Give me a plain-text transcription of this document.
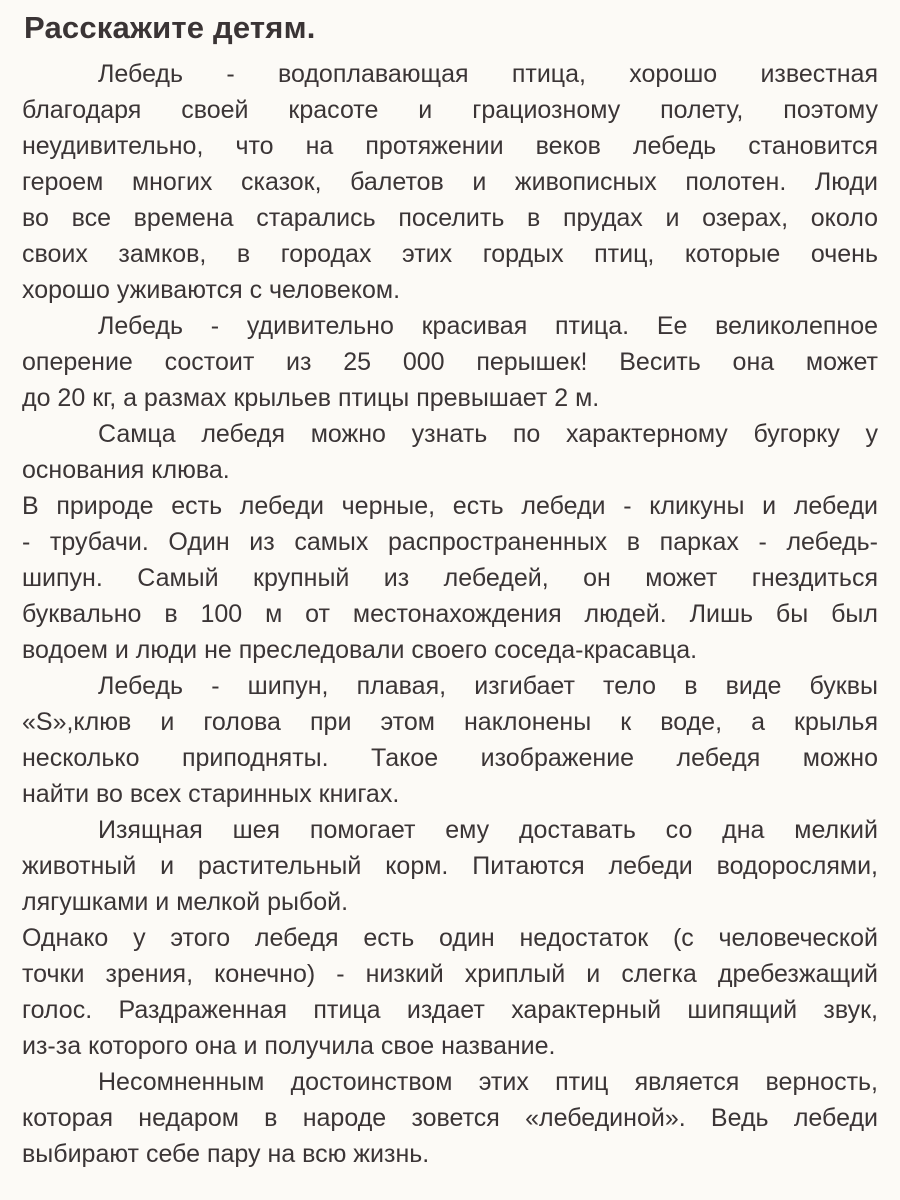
Расскажите детям.
Лебедь - водоплавающая птица, хорошо известная
благодаря своей красоте и грациозному полету, поэтому
неудивительно, что на протяжении веков лебедь становится
героем многих сказок, балетов и живописных полотен. Люди
во все времена старались поселить в прудах и озерах, около
своих замков, в городах этих гордых птиц, которые очень
хорошо уживаются с человеком.
Лебедь - удивительно красивая птица. Ее великолепное
оперение состоит из 25 000 перышек! Весить она может
до 20 кг, а размах крыльев птицы превышает 2 м.
Самца лебедя можно узнать по характерному бугорку у
основания клюва.
В природе есть лебеди черные, есть лебеди - кликуны и лебеди
- трубачи. Один из самых распространенных в парках - лебедь-
шипун. Самый крупный из лебедей, он может гнездиться
буквально в 100 м от местонахождения людей. Лишь бы был
водоем и люди не преследовали своего соседа-красавца.
Лебедь - шипун, плавая, изгибает тело в виде буквы
«S»,клюв и голова при этом наклонены к воде, а крылья
несколько приподняты. Такое изображение лебедя можно
найти во всех старинных книгах.
Изящная шея помогает ему доставать со дна мелкий
животный и растительный корм. Питаются лебеди водорослями,
лягушками и мелкой рыбой.
Однако у этого лебедя есть один недостаток (с человеческой
точки зрения, конечно) - низкий хриплый и слегка дребезжащий
голос. Раздраженная птица издает характерный шипящий звук,
из-за которого она и получила свое название.
Несомненным достоинством этих птиц является верность,
которая недаром в народе зовется «лебединой». Ведь лебеди
выбирают себе пару на всю жизнь.
